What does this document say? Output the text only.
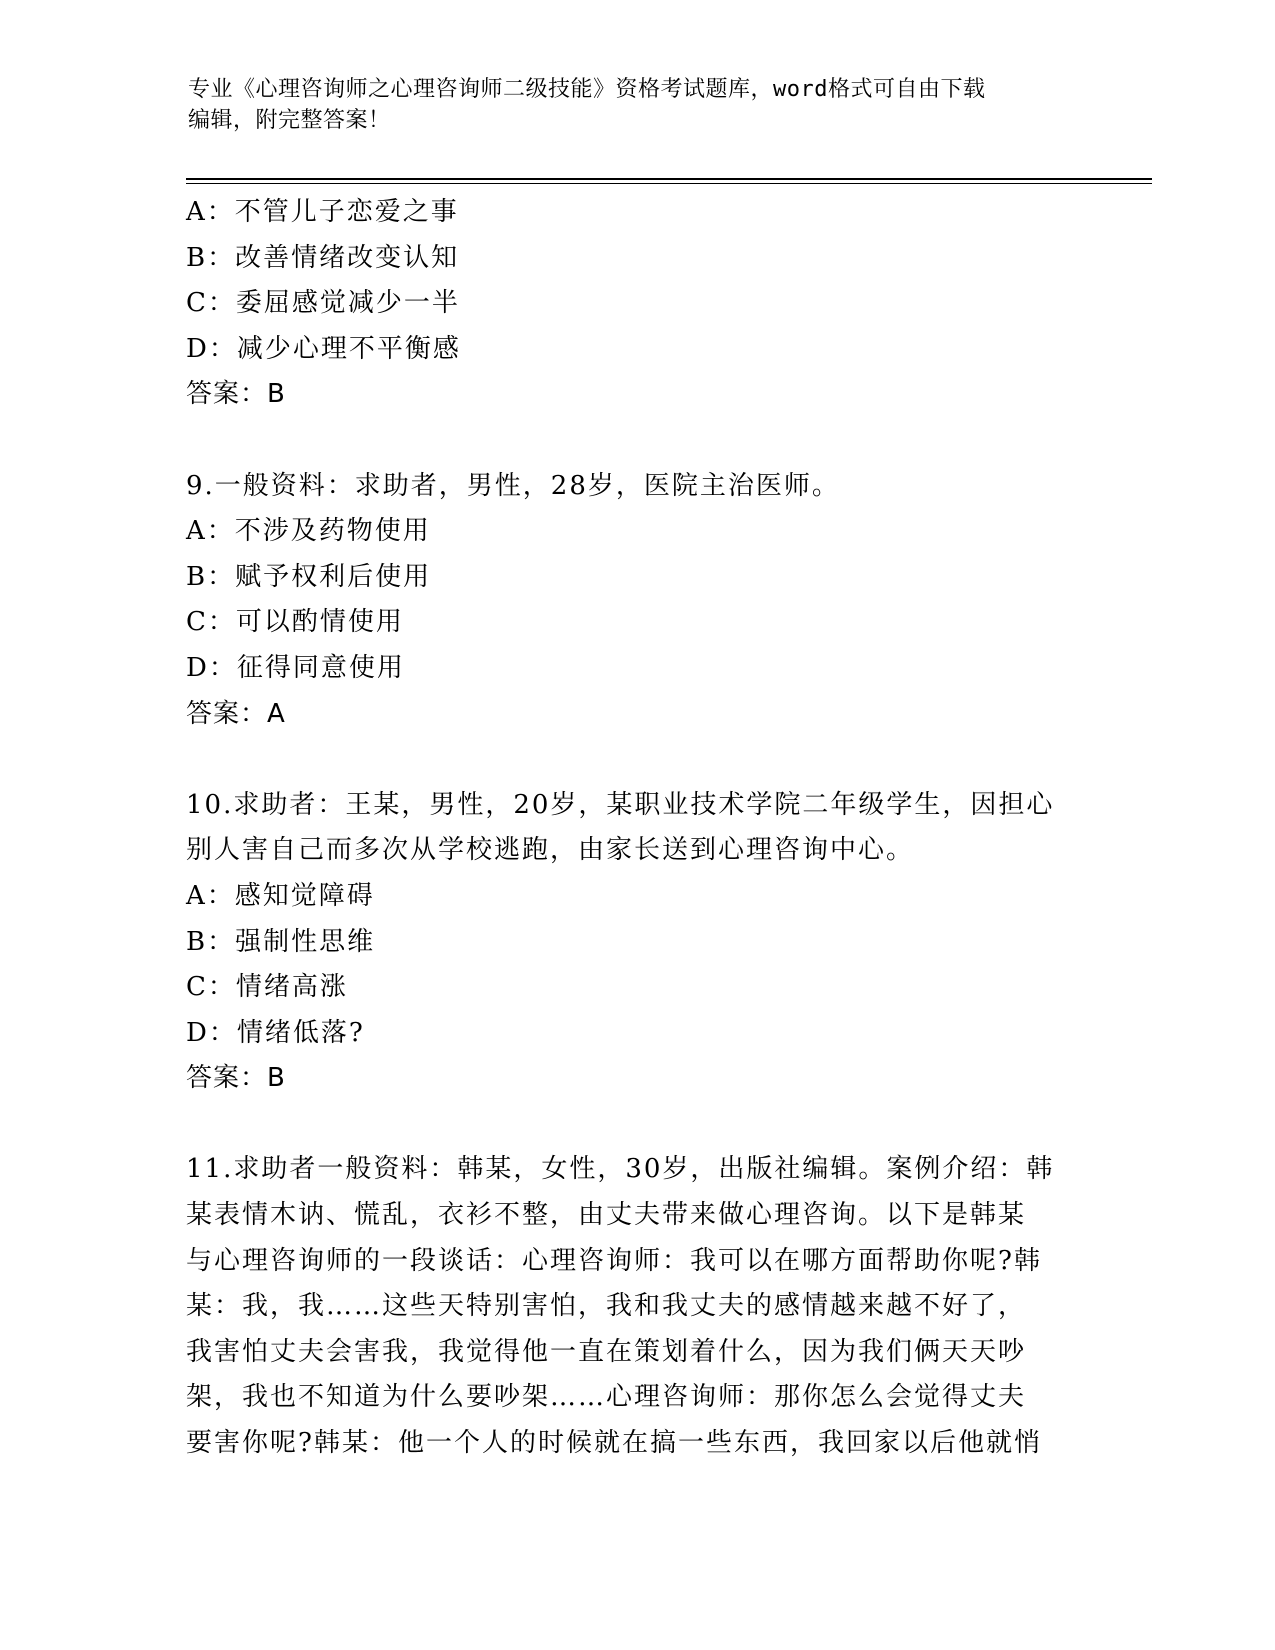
专业《心理咨询师之心理咨询师二级技能》资格考试题库，word格式可自由下载
编辑，附完整答案！
A：不管儿子恋爱之事
B：改善情绪改变认知
C：委屈感觉减少一半
D：减少心理不平衡感
答案：B
9.一般资料：求助者，男性，28岁，医院主治医师。
A：不涉及药物使用
B：赋予权利后使用
C：可以酌情使用
D：征得同意使用
答案：A
10.求助者：王某，男性，20岁，某职业技术学院二年级学生，因担心
别人害自己而多次从学校逃跑，由家长送到心理咨询中心。
A：感知觉障碍
B：强制性思维
C：情绪高涨
D：情绪低落?
答案：B
11.求助者一般资料：韩某，女性，30岁，出版社编辑。案例介绍：韩
某表情木讷、慌乱，衣衫不整，由丈夫带来做心理咨询。以下是韩某
与心理咨询师的一段谈话：心理咨询师：我可以在哪方面帮助你呢?韩
某：我，我……这些天特别害怕，我和我丈夫的感情越来越不好了，
我害怕丈夫会害我，我觉得他一直在策划着什么，因为我们俩天天吵
架，我也不知道为什么要吵架……心理咨询师：那你怎么会觉得丈夫
要害你呢?韩某：他一个人的时候就在搞一些东西，我回家以后他就悄
